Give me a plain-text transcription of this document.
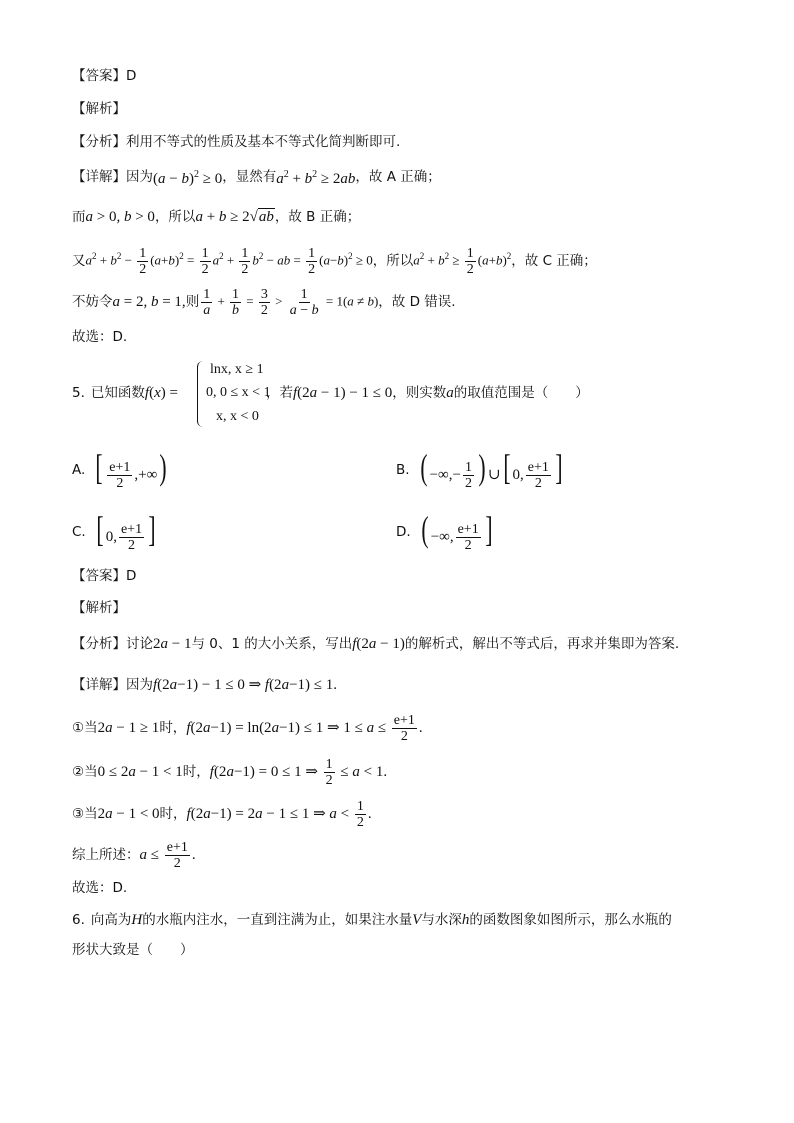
【答案】 D
【解析】
【分析】 利用不等式的性质及基本不等式化简判断即可.
【详解】 因为 $(a - b)^2 \ge 0$ ，显然有 $a^2 + b^2 \ge 2ab$ ，故 A 正确；
而 a > 0, b > 0 ，所以 a + b ≥ 2√ab ，故 B 正确；
又 $a^2 + b^2 - \frac{1}{2} (a+b)^2 = \frac{1}{2} a^2 + \frac{1}{2} b^2$ − ab = $\frac{1}{2} (a-b)^2 \ge 0$ ，所以 $a^2 + b^2 \ge \frac{1}{2} (a+b)^2$ ，故 C 正确；
不妨令 a = 2, b = 1, 则 $\frac{1}{a} + \frac{1}{b} = \frac{3}{2} > \frac{1}{a - b} = 1(a \ne b)$ ，故 D 错误.
故选：D.
lnx, x ≥ 1
0, 0 ≤ x < 1
x, x < 0
5. 已知函数 f(x) =	，若 f(2a − 1) − 1 ≤ 0 ，则实数 a 的取值范围是（　　）
A. [ $\frac{e+1}{2}$ ,+∞)	B. ( −∞,− $\frac{1}{2}$ ) ∪[ 0, $\frac{e+1}{2}$ ]
C. [ 0, $\frac{e+1}{2}$ ]	D. ( −∞, $\frac{e+1}{2}$ ]
【答案】 D
【解析】
【分析】 讨论 2a − 1 与 0、1 的大小关系，写出 f(2a − 1) 的解析式，解出不等式后，再求并集即为答案.
【详解】 因为 f(2a−1) − 1 ≤ 0 ⇒ f(2a−1) ≤ 1.
①当 2a − 1 ≥ 1 时， f(2a−1) = ln(2a−1) ≤ 1 ⇒ $1 \le a \le \frac{e+1}{2}$ .
②当 0 ≤ 2a − 1 < 1 时， f(2a−1) = 0 ≤ 1 ⇒ $\frac{1}{2} \le a < 1$.
③当 2a − 1 < 0 时， f(2a−1) = 2a − 1 ≤ 1 ⇒ $a < \frac{1}{2}$ .
综上所述： $a \le \frac{e+1}{2}$ .
故选：D.
6. 向高为 H 的水瓶内注水，一直到注满为止，如果注水量 V 与水深 h 的函数图象如图所示，那么水瓶的
形状大致是（　　）
